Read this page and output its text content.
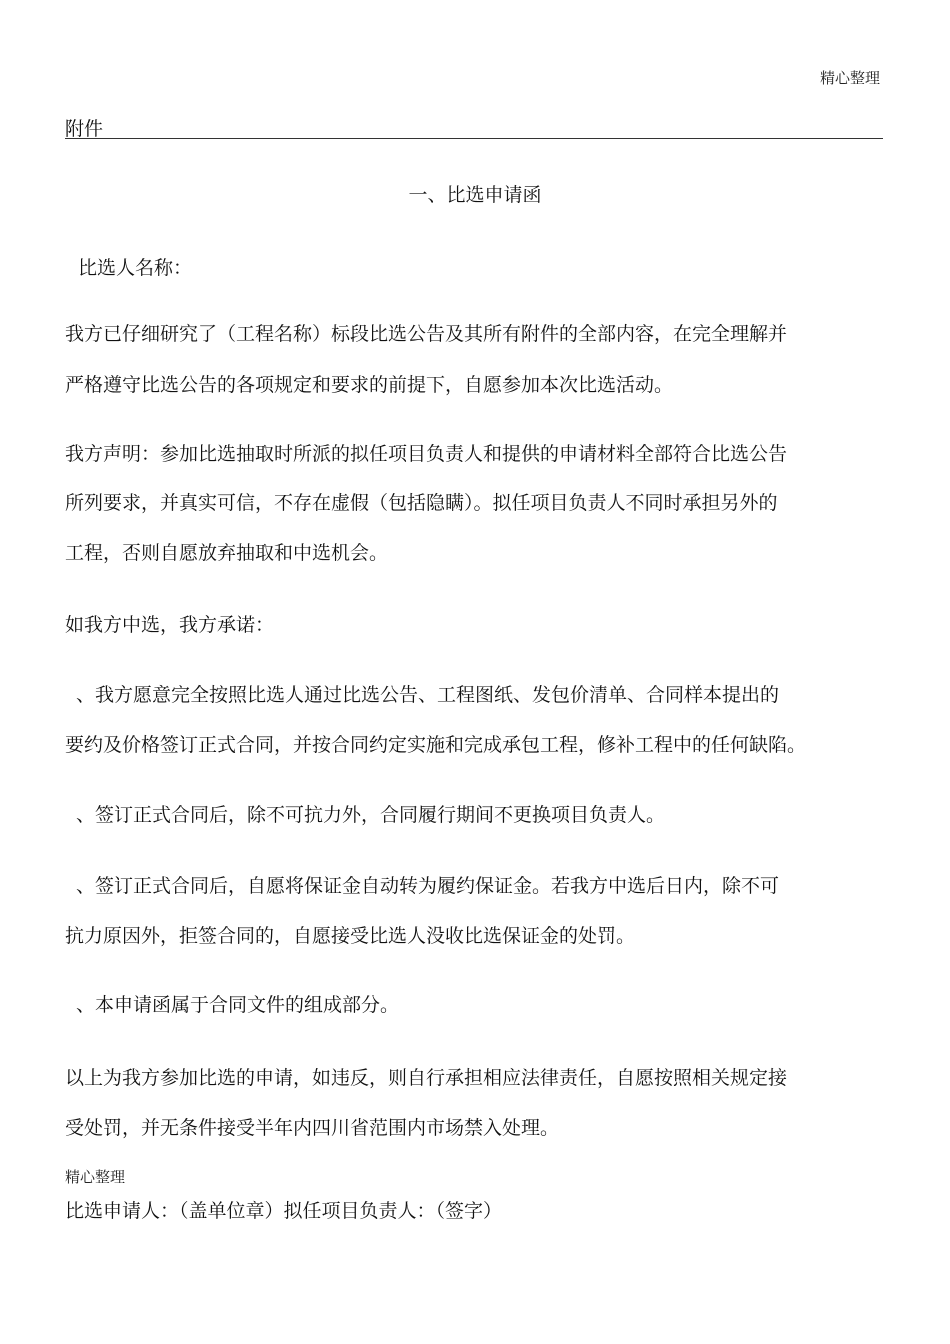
精心整理
附件
一、比选申请函
比选人名称：
我方已仔细研究了（工程名称）标段比选公告及其所有附件的全部内容，在完全理解并
严格遵守比选公告的各项规定和要求的前提下，自愿参加本次比选活动。
我方声明：参加比选抽取时所派的拟任项目负责人和提供的申请材料全部符合比选公告
所列要求，并真实可信，不存在虚假（包括隐瞒）。拟任项目负责人不同时承担另外的
工程，否则自愿放弃抽取和中选机会。
如我方中选，我方承诺：
、我方愿意完全按照比选人通过比选公告、工程图纸、发包价清单、合同样本提出的
要约及价格签订正式合同，并按合同约定实施和完成承包工程，修补工程中的任何缺陷。
、签订正式合同后，除不可抗力外，合同履行期间不更换项目负责人。
、签订正式合同后，自愿将保证金自动转为履约保证金。若我方中选后日内，除不可
抗力原因外，拒签合同的，自愿接受比选人没收比选保证金的处罚。
、本申请函属于合同文件的组成部分。
以上为我方参加比选的申请，如违反，则自行承担相应法律责任，自愿按照相关规定接
受处罚，并无条件接受半年内四川省范围内市场禁入处理。
精心整理
比选申请人：（盖单位章）拟任项目负责人：（签字）
